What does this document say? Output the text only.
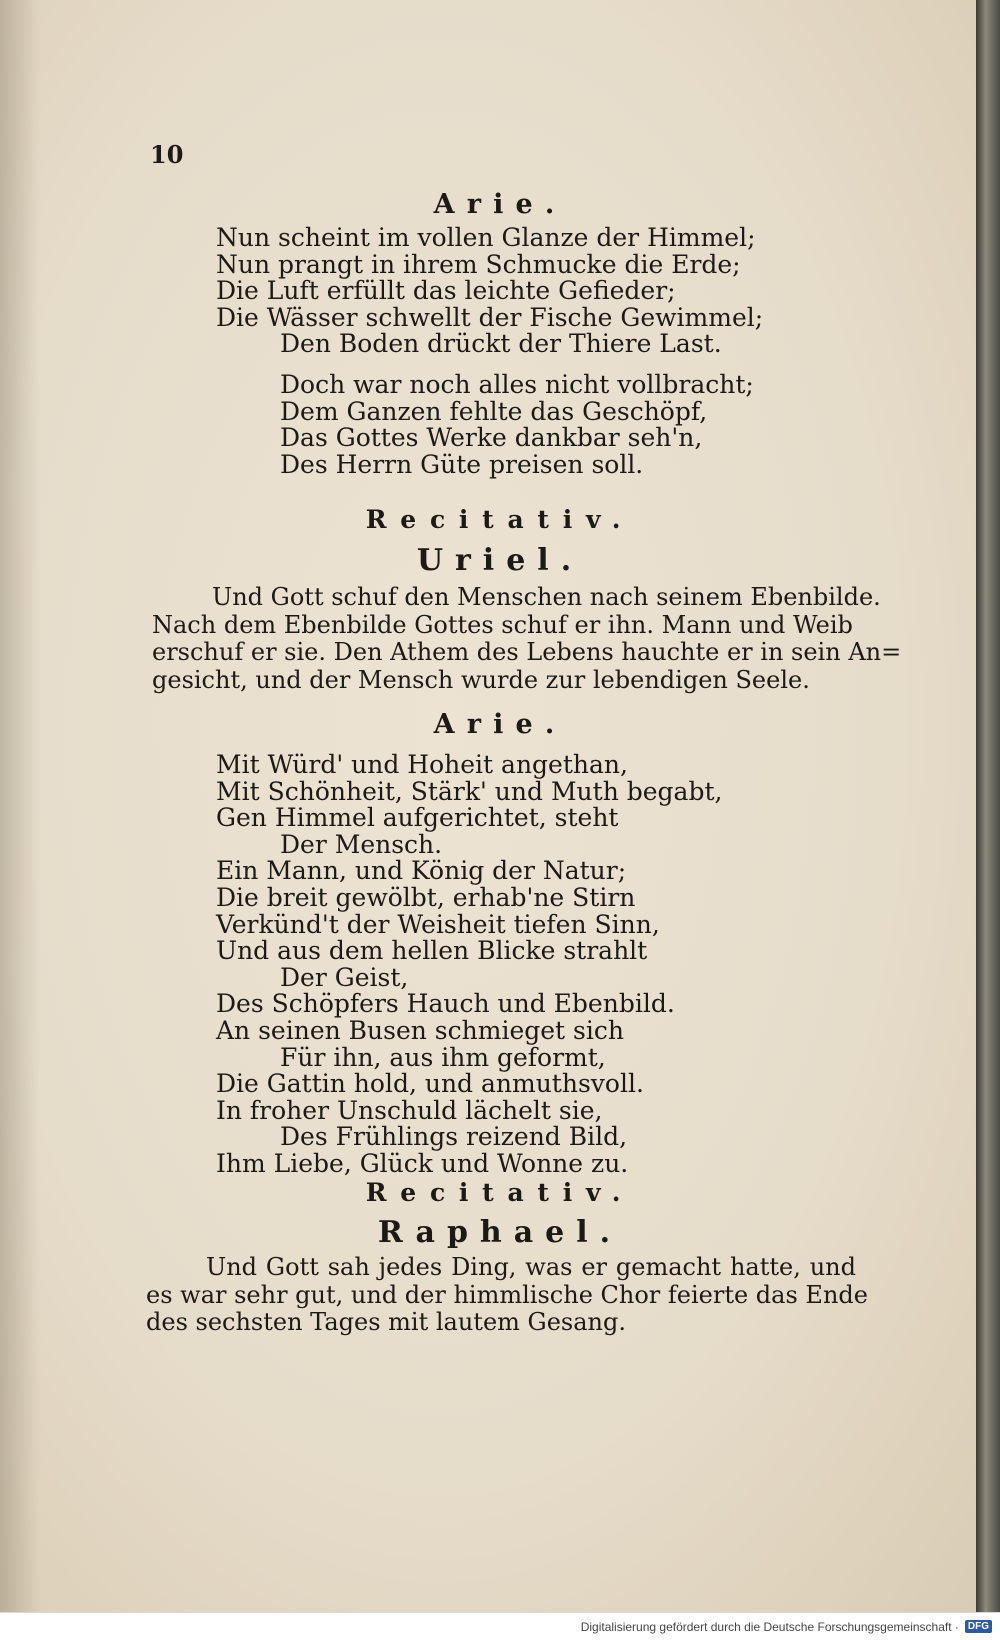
10
Arie.
Nun scheint im vollen Glanze der Himmel;
Nun prangt in ihrem Schmucke die Erde;
Die Luft erfüllt das leichte Gefieder;
Die Wässer schwellt der Fische Gewimmel;
Den Boden drückt der Thiere Last.
Doch war noch alles nicht vollbracht;
Dem Ganzen fehlte das Geschöpf,
Das Gottes Werke dankbar seh'n,
Des Herrn Güte preisen soll.
Recitativ.
Uriel.
Und Gott schuf den Menschen nach seinem Ebenbilde.
Nach dem Ebenbilde Gottes schuf er ihn. Mann und Weib
erschuf er sie. Den Athem des Lebens hauchte er in sein An=
gesicht, und der Mensch wurde zur lebendigen Seele.
Arie.
Mit Würd' und Hoheit angethan,
Mit Schönheit, Stärk' und Muth begabt,
Gen Himmel aufgerichtet, steht
Der Mensch.
Ein Mann, und König der Natur;
Die breit gewölbt, erhab'ne Stirn
Verkünd't der Weisheit tiefen Sinn,
Und aus dem hellen Blicke strahlt
Der Geist,
Des Schöpfers Hauch und Ebenbild.
An seinen Busen schmieget sich
Für ihn, aus ihm geformt,
Die Gattin hold, und anmuthsvoll.
In froher Unschuld lächelt sie,
Des Frühlings reizend Bild,
Ihm Liebe, Glück und Wonne zu.
Recitativ.
Raphael.
Und Gott sah jedes Ding, was er gemacht hatte, und
es war sehr gut, und der himmlische Chor feierte das Ende
des sechsten Tages mit lautem Gesang.
Digitalisierung gefördert durch die Deutsche Forschungsgemeinschaft · DFG
